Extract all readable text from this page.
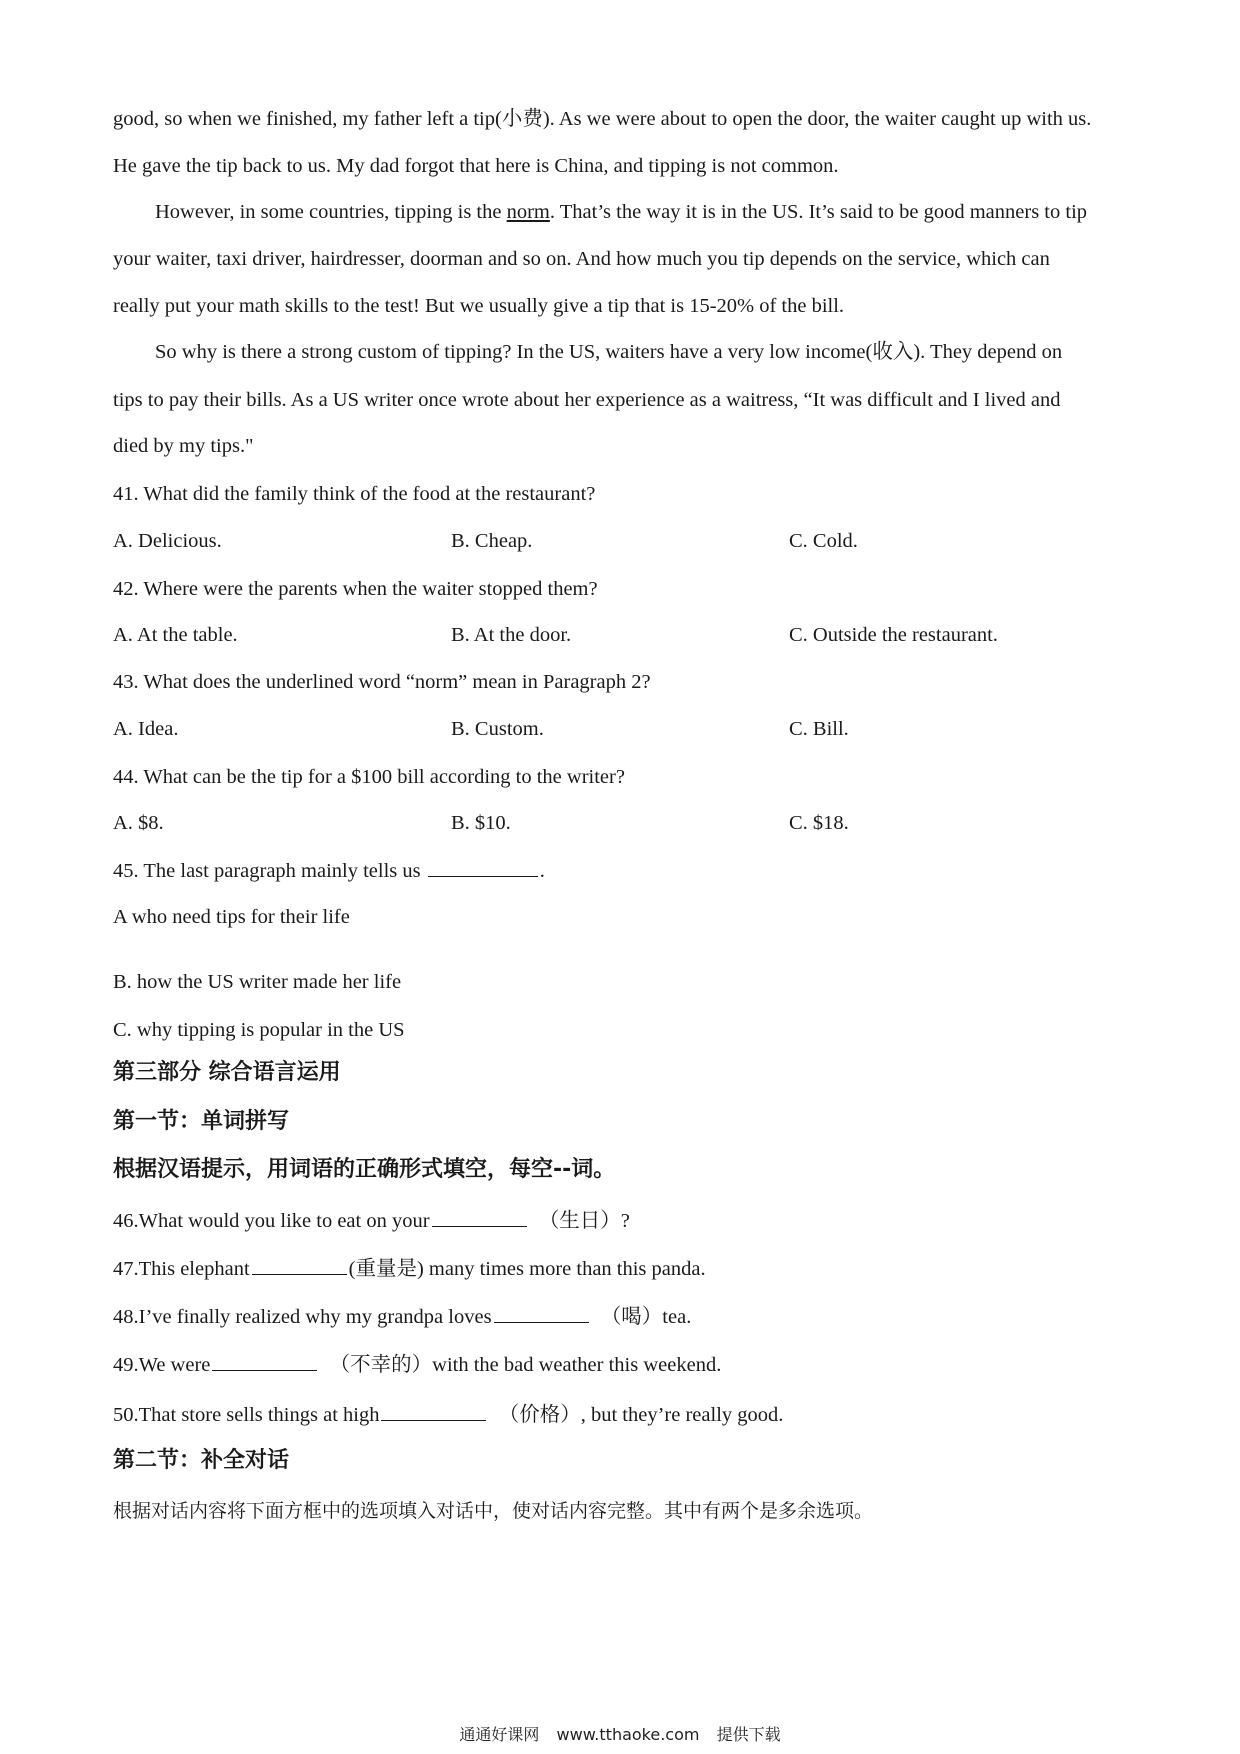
good, so when we finished, my father left a tip(小费). As we were about to open the door, the waiter caught up with us.
He gave the tip back to us. My dad forgot that here is China, and tipping is not common.
However, in some countries, tipping is the norm. That’s the way it is in the US. It’s said to be good manners to tip
your waiter, taxi driver, hairdresser, doorman and so on. And how much you tip depends on the service, which can
really put your math skills to the test! But we usually give a tip that is 15-20% of the bill.
So why is there a strong custom of tipping? In the US, waiters have a very low income(收入). They depend on
tips to pay their bills. As a US writer once wrote about her experience as a waitress, “It was difficult and I lived and
died by my tips."
41. What did the family think of the food at the restaurant?
A. Delicious.	B. Cheap.	C. Cold.
42. Where were the parents when the waiter stopped them?
A. At the table.	B. At the door.	C. Outside the restaurant.
43. What does the underlined word “norm” mean in Paragraph 2?
A. Idea.	B. Custom.	C. Bill.
44. What can be the tip for a $100 bill according to the writer?
A. $8.	B. $10.	C. $18.
45. The last paragraph mainly tells us	.
A who need tips for their life
B. how the US writer made her life
C. why tipping is popular in the US
第三部分 综合语言运用
第一节：单词拼写
根据汉语提示，用词语的正确形式填空，每空--词。
46.What would you like to eat on your	（生日）?
47.This elephant	(重量是) many times more than this panda.
48.I’ve finally realized why my grandpa loves	（喝）tea.
49.We were	（不幸的）with the bad weather this weekend.
50.That store sells things at high	（价格）, but they’re really good.
第二节：补全对话
根据对话内容将下面方框中的选项填入对话中，使对话内容完整。其中有两个是多余选项。
通通好课网 www.tthaoke.com 提供下载
